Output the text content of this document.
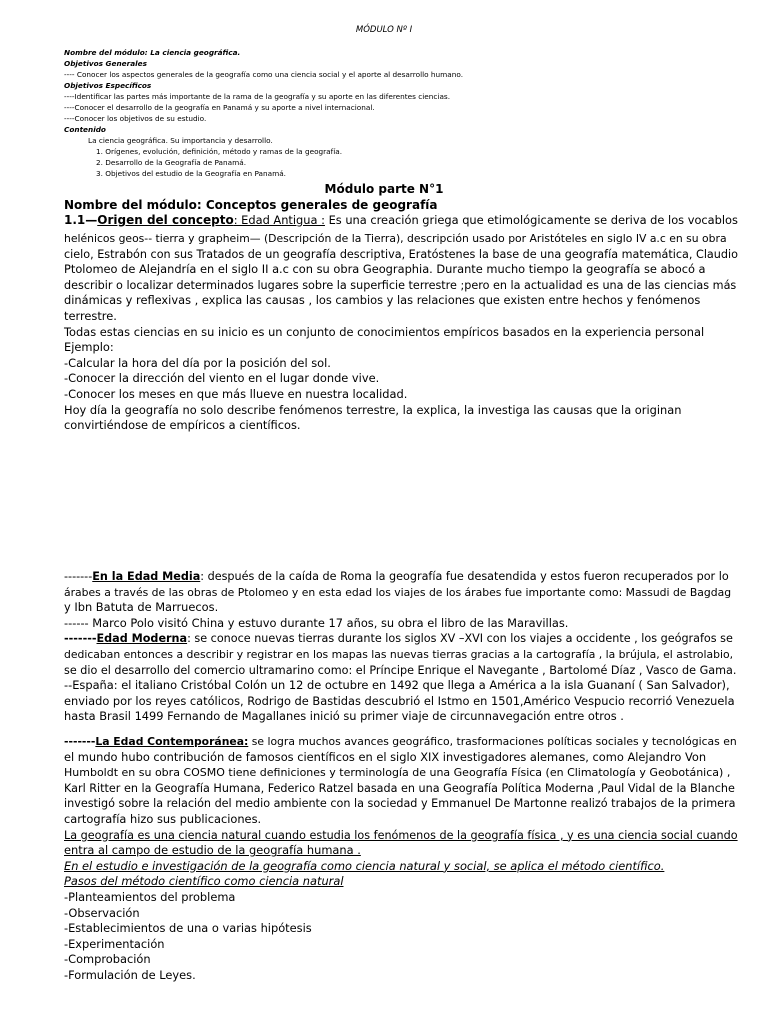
MÓDULO Nº I
Nombre del módulo: La ciencia geográfica.
Objetivos Generales
---- Conocer los aspectos generales de la geografía como una ciencia social y el aporte al desarrollo humano.
Objetivos Específicos
----Identificar las partes más importante de la rama de la geografía y su aporte en las diferentes ciencias.
----Conocer el desarrollo de la geografía en Panamá y su aporte a nivel internacional.
----Conocer los objetivos de su estudio.
Contenido
La ciencia geográfica. Su importancia y desarrollo.
1. Orígenes, evolución, definición, método y ramas de la geografía.
2. Desarrollo de la Geografía de Panamá.
3. Objetivos del estudio de la Geografía en Panamá.
Módulo parte N°1
Nombre del módulo: Conceptos generales de geografía
1.1—Origen del concepto: Edad Antigua : Es una creación griega que etimológicamente se deriva de los vocablos
helénicos geos-- tierra y grapheim— (Descripción de la Tierra), descripción usado por Aristóteles en siglo IV a.c en su obra
cielo, Estrabón con sus Tratados de un geografía descriptiva, Eratóstenes la base de una geografía matemática, Claudio
Ptolomeo de Alejandría en el siglo II a.c con su obra Geographia. Durante mucho tiempo la geografía se abocó a
describir o localizar determinados lugares sobre la superficie terrestre ;pero en la actualidad es una de las ciencias más
dinámicas y reflexivas , explica las causas , los cambios y las relaciones que existen entre hechos y fenómenos
terrestre.
Todas estas ciencias en su inicio es un conjunto de conocimientos empíricos basados en la experiencia personal
Ejemplo:
-Calcular la hora del día por la posición del sol.
-Conocer la dirección del viento en el lugar donde vive.
-Conocer los meses en que más llueve en nuestra localidad.
Hoy día la geografía no solo describe fenómenos terrestre, la explica, la investiga las causas que la originan
convirtiéndose de empíricos a científicos.
-------En la Edad Media: después de la caída de Roma la geografía fue desatendida y estos fueron recuperados por lo
árabes a través de las obras de Ptolomeo y en esta edad los viajes de los árabes fue importante como: Massudi de Bagdag
y Ibn Batuta de Marruecos.
------ Marco Polo visitó China y estuvo durante 17 años, su obra el libro de las Maravillas.
-------Edad Moderna: se conoce nuevas tierras durante los siglos XV –XVI con los viajes a occidente , los geógrafos se
dedicaban entonces a describir y registrar en los mapas las nuevas tierras gracias a la cartografía , la brújula, el astrolabio,
se dio el desarrollo del comercio ultramarino como: el Príncipe Enrique el Navegante , Bartolomé Díaz , Vasco de Gama.
--España: el italiano Cristóbal Colón un 12 de octubre en 1492 que llega a América a la isla Guananí ( San Salvador),
enviado por los reyes católicos, Rodrigo de Bastidas descubrió el Istmo en 1501,Américo Vespucio recorrió Venezuela
hasta Brasil 1499 Fernando de Magallanes inició su primer viaje de circunnavegación entre otros .
-------La Edad Contemporánea: se logra muchos avances geográfico, trasformaciones políticas sociales y tecnológicas en
el mundo hubo contribución de famosos científicos en el siglo XIX investigadores alemanes, como Alejandro Von
Humboldt en su obra COSMO tiene definiciones y terminología de una Geografía Física (en Climatología y Geobotánica) ,
Karl Ritter en la Geografía Humana, Federico Ratzel basada en una Geografía Política Moderna ,Paul Vidal de la Blanche
investigó sobre la relación del medio ambiente con la sociedad y Emmanuel De Martonne realizó trabajos de la primera
cartografía hizo sus publicaciones.
La geografía es una ciencia natural cuando estudia los fenómenos de la geografía física , y es una ciencia social cuando
entra al campo de estudio de la geografía humana .
En el estudio e investigación de la geografía como ciencia natural y social, se aplica el método científico.
Pasos del método científico como ciencia natural
-Planteamientos del problema
-Observación
-Establecimientos de una o varias hipótesis
-Experimentación
-Comprobación
-Formulación de Leyes.
